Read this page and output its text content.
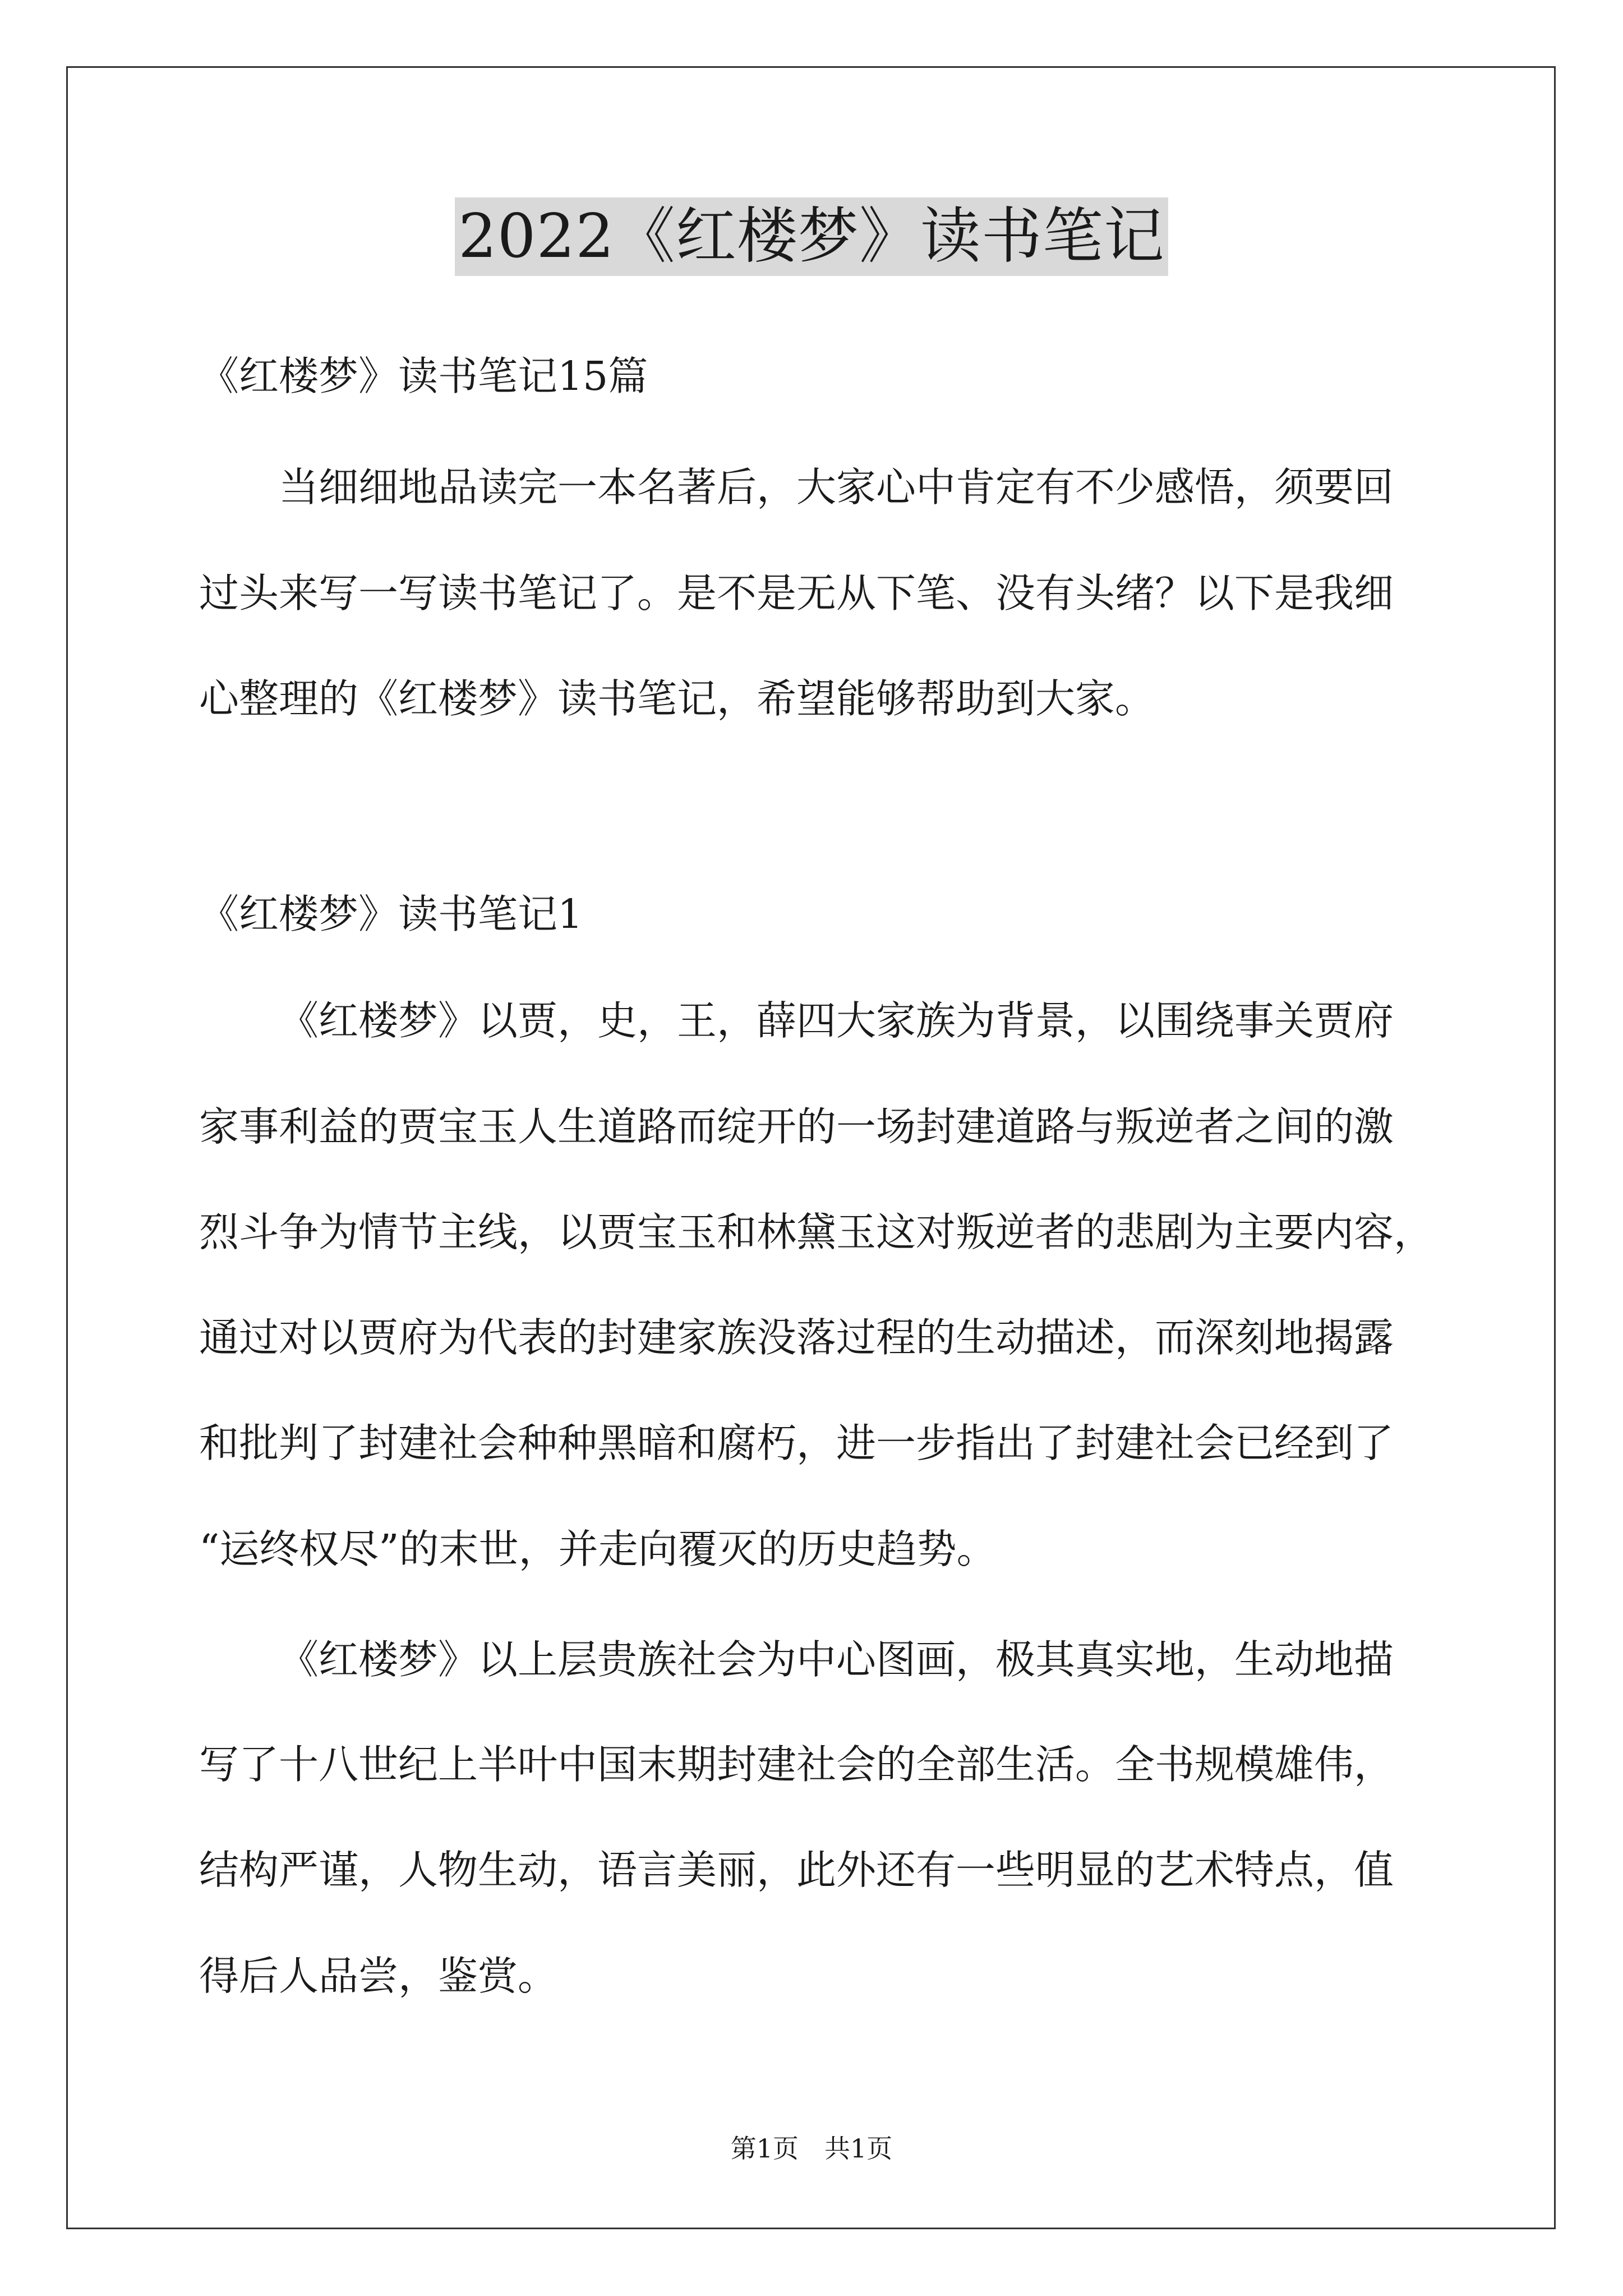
2022《红楼梦》读书笔记
《红楼梦》读书笔记15篇
当细细地品读完一本名著后，大家心中肯定有不少感悟，须要回
过头来写一写读书笔记了。是不是无从下笔、没有头绪？以下是我细
心整理的《红楼梦》读书笔记，希望能够帮助到大家。
《红楼梦》读书笔记1
《红楼梦》以贾，史，王，薛四大家族为背景，以围绕事关贾府
家事利益的贾宝玉人生道路而绽开的一场封建道路与叛逆者之间的激
烈斗争为情节主线，以贾宝玉和林黛玉这对叛逆者的悲剧为主要内容，
通过对以贾府为代表的封建家族没落过程的生动描述，而深刻地揭露
和批判了封建社会种种黑暗和腐朽，进一步指出了封建社会已经到了
“运终权尽”的末世，并走向覆灭的历史趋势。
《红楼梦》以上层贵族社会为中心图画，极其真实地，生动地描
写了十八世纪上半叶中国末期封建社会的全部生活。全书规模雄伟，
结构严谨，人物生动，语言美丽，此外还有一些明显的艺术特点，值
得后人品尝，鉴赏。
第1页　共1页
